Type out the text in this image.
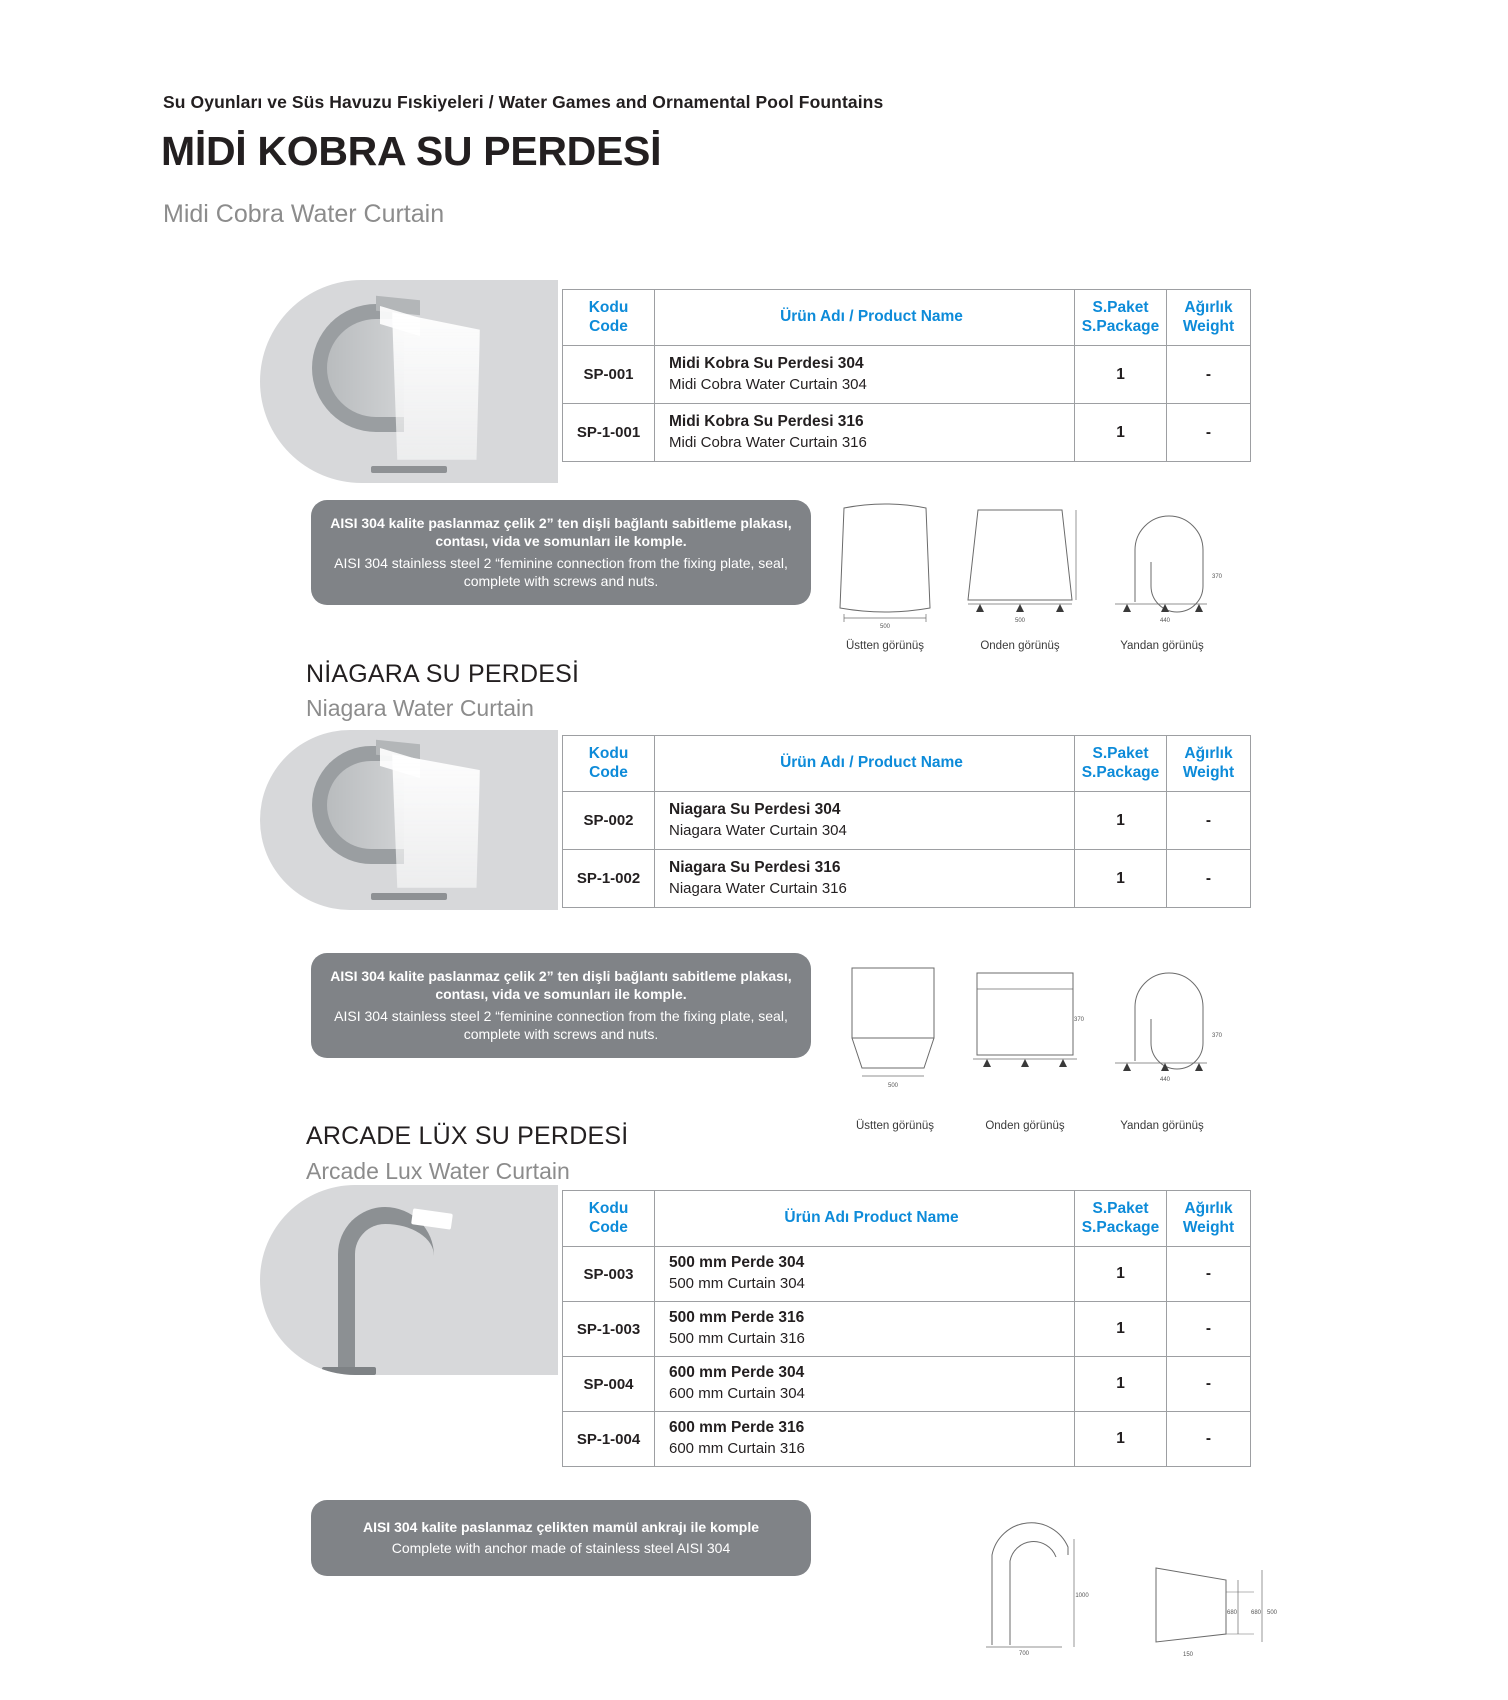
Su Oyunları ve Süs Havuzu Fıskiyeleri / Water Games and Ornamental Pool Fountains
MİDİ KOBRA SU PERDESİ
Midi Cobra Water Curtain
Kodu
Code
	Ürün Adı / Product Name	
S.Paket
S.Package

Ağırlık
Weight

SP-001	Midi Kobra Su Perdesi 304
Midi Cobra Water Curtain 304	1	-
SP-1-001	Midi Kobra Su Perdesi 316
Midi Cobra Water Curtain 316	1	-
AISI 304 kalite paslanmaz çelik 2” ten dişli bağlantı sabitleme plakası, contası, vida ve somunları ile komple.
AISI 304 stainless steel 2 “feminine connection from the fixing plate, seal, complete with screws and nuts.
500
500	440
370
Üstten görünüş	Onden görünüş	Yandan görünüş
NİAGARA SU PERDESİ
Niagara Water Curtain
Kodu
Code
	Ürün Adı / Product Name	
S.Paket
S.Package

Ağırlık
Weight

SP-002	Niagara Su Perdesi 304
Niagara Water Curtain 304	1	-
SP-1-002	Niagara Su Perdesi 316
Niagara Water Curtain 316	1	-
AISI 304 kalite paslanmaz çelik 2” ten dişli bağlantı sabitleme plakası, contası, vida ve somunları ile komple.
AISI 304 stainless steel 2 “feminine connection from the fixing plate, seal, complete with screws and nuts.
500
370
440
370
Üstten görünüş	Onden görünüş	Yandan görünüş
ARCADE LÜX SU PERDESİ
Arcade Lux Water Curtain
Kodu
Code
	Ürün Adı Product Name	
S.Paket
S.Package

Ağırlık
Weight

SP-003	500 mm Perde 304
500 mm Curtain 304	1	-
SP-1-003	500 mm Perde 316
500 mm Curtain 316	1	-
SP-004	600 mm Perde 304
600 mm Curtain 304	1	-
SP-1-004	600 mm Perde 316
600 mm Curtain 316	1	-
AISI 304 kalite paslanmaz çelikten mamül ankrajı ile komple
Complete with anchor made of stainless steel AISI 304
1000
700
680 680 500
150
